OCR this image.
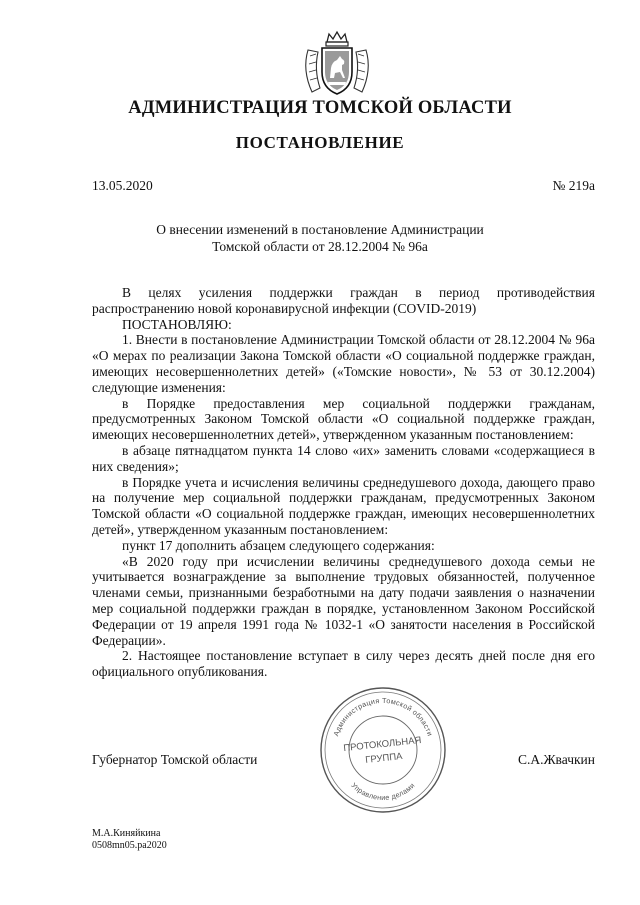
АДМИНИСТРАЦИЯ ТОМСКОЙ ОБЛАСТИ
ПОСТАНОВЛЕНИЕ
13.05.2020	№ 219а
О внесении изменений в постановление Администрации
Томской области от 28.12.2004 № 96а

В целях усиления поддержки граждан в период противодействия распространению новой коронавирусной инфекции (COVID-2019)

ПОСТАНОВЛЯЮ:

1. Внести в постановление Администрации Томской области от 28.12.2004 № 96а «О мерах по реализации Закона Томской области «О социальной поддержке граждан, имеющих несовершеннолетних детей» («Томские новости», № 53 от 30.12.2004) следующие изменения:

в Порядке предоставления мер социальной поддержки гражданам, предусмотренных Законом Томской области «О социальной поддержке граждан, имеющих несовершеннолетних детей», утвержденном указанным постановлением:

в абзаце пятнадцатом пункта 14 слово «их» заменить словами «содержащиеся в них сведения»;

в Порядке учета и исчисления величины среднедушевого дохода, дающего право на получение мер социальной поддержки гражданам, предусмотренных Законом Томской области «О социальной поддержке граждан, имеющих несовершеннолетних детей», утвержденном указанным постановлением:

пункт 17 дополнить абзацем следующего содержания:

«В 2020 году при исчислении величины среднедушевого дохода семьи не учитывается вознаграждение за выполнение трудовых обязанностей, полученное членами семьи, признанными безработными на дату подачи заявления о назначении мер социальной поддержки граждан в порядке, установленном Законом Российской Федерации от 19 апреля 1991 года № 1032-1 «О занятости населения в Российской Федерации».

2. Настоящее постановление вступает в силу через десять дней после дня его официального опубликования.

Губернатор Томской области	С.А.Жвачкин
Администрация Томской области
Управление делами
ПРОТОКОЛЬНАЯ
ГРУППА
М.А.Киняйкина
0508mn05.pa2020
